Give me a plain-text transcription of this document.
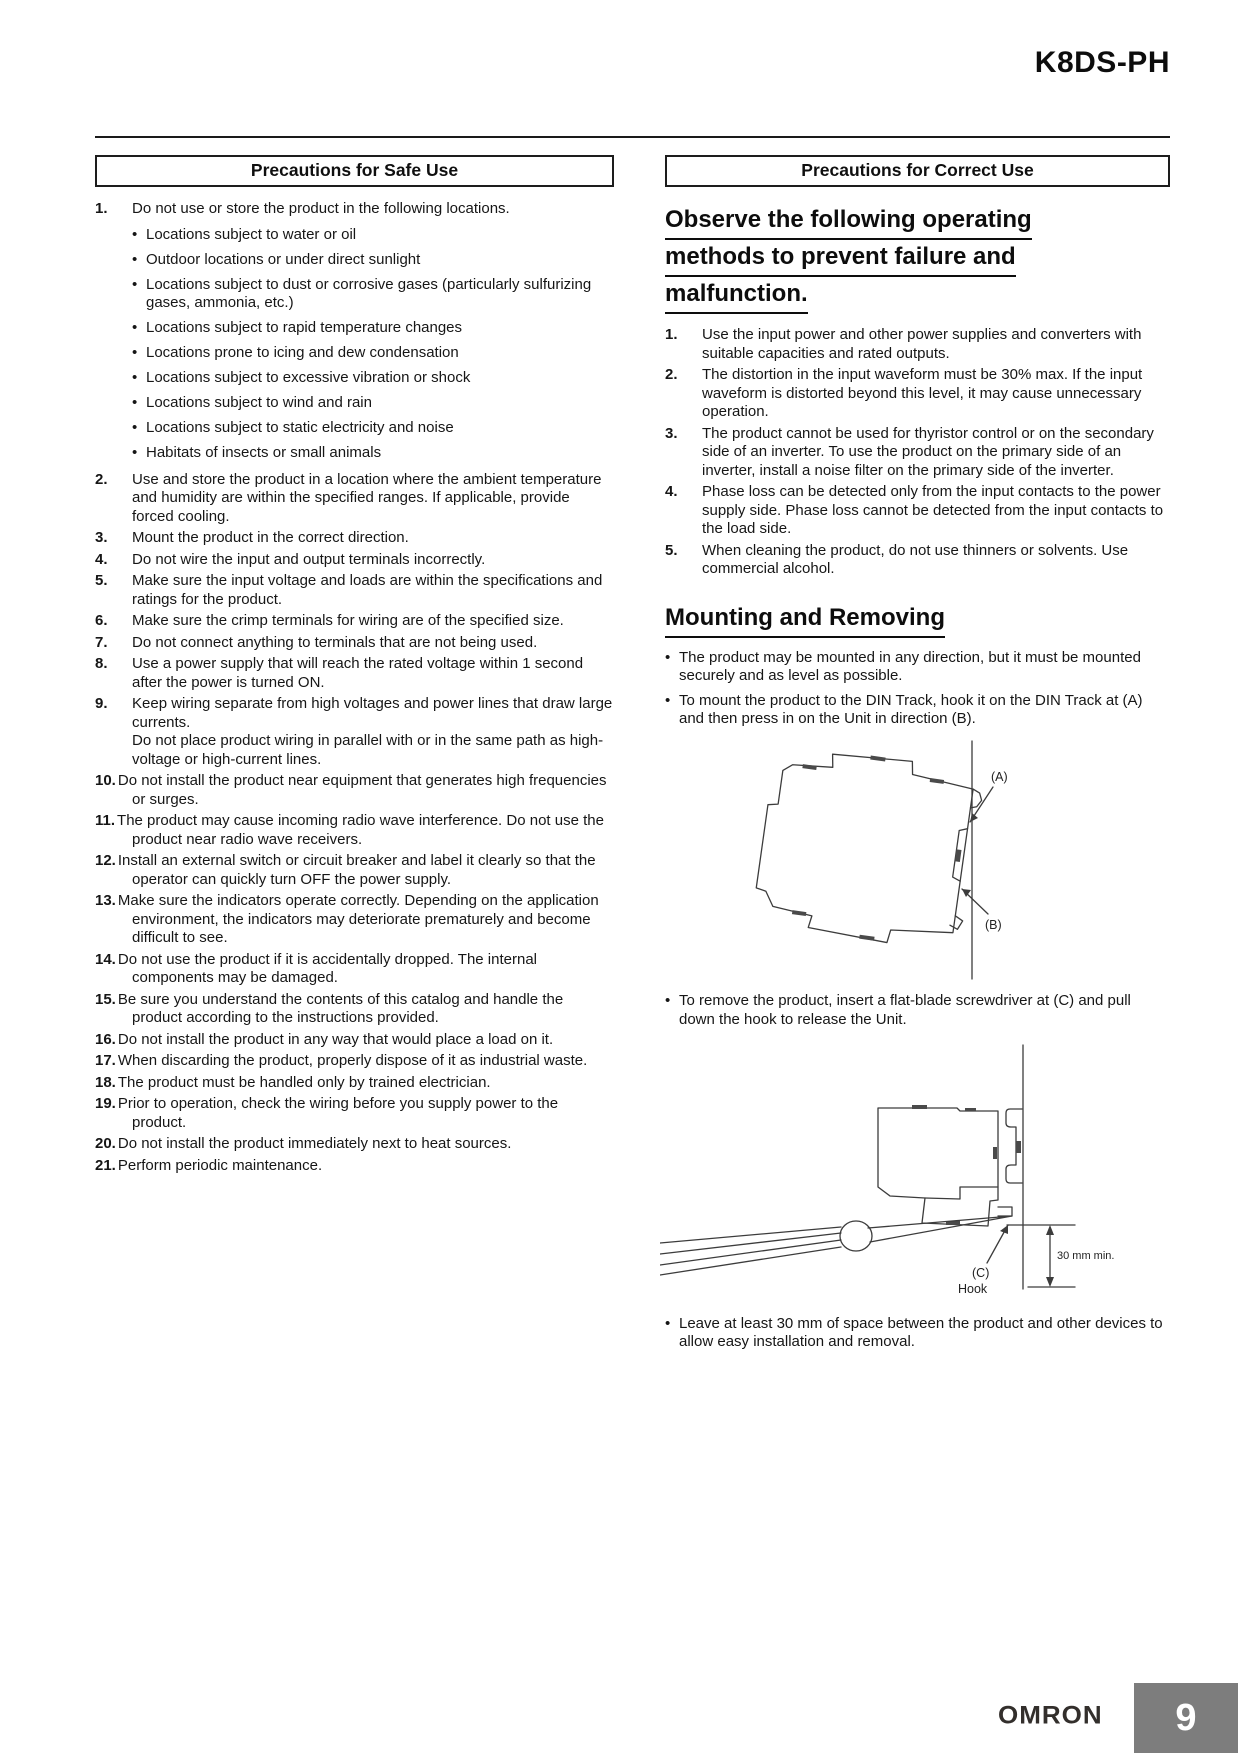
K8DS-PH
Precautions for Safe Use
1. Do not use or store the product in the following locations.
• Locations subject to water or oil
• Outdoor locations or under direct sunlight
• Locations subject to dust or corrosive gases (particularly sulfurizing gases, ammonia, etc.)
• Locations subject to rapid temperature changes
• Locations prone to icing and dew condensation
• Locations subject to excessive vibration or shock
• Locations subject to wind and rain
• Locations subject to static electricity and noise
• Habitats of insects or small animals
2. Use and store the product in a location where the ambient temperature and humidity are within the specified ranges. If applicable, provide forced cooling.
3. Mount the product in the correct direction.
4. Do not wire the input and output terminals incorrectly.
5. Make sure the input voltage and loads are within the specifications and ratings for the product.
6. Make sure the crimp terminals for wiring are of the specified size.
7. Do not connect anything to terminals that are not being used.
8. Use a power supply that will reach the rated voltage within 1 second after the power is turned ON.
9. Keep wiring separate from high voltages and power lines that draw large currents.
Do not place product wiring in parallel with or in the same path as high-voltage or high-current lines.
10. Do not install the product near equipment that generates high frequencies or surges.
11. The product may cause incoming radio wave interference. Do not use the product near radio wave receivers.
12. Install an external switch or circuit breaker and label it clearly so that the operator can quickly turn OFF the power supply.
13. Make sure the indicators operate correctly. Depending on the application environment, the indicators may deteriorate prematurely and become difficult to see.
14. Do not use the product if it is accidentally dropped. The internal components may be damaged.
15. Be sure you understand the contents of this catalog and handle the product according to the instructions provided.
16. Do not install the product in any way that would place a load on it.
17. When discarding the product, properly dispose of it as industrial waste.
18. The product must be handled only by trained electrician.
19. Prior to operation, check the wiring before you supply power to the product.
20. Do not install the product immediately next to heat sources.
21. Perform periodic maintenance.
Precautions for Correct Use
Observe the following operating
methods to prevent failure and
malfunction.
1. Use the input power and other power supplies and converters with suitable capacities and rated outputs.
2. The distortion in the input waveform must be 30% max. If the input waveform is distorted beyond this level, it may cause unnecessary operation.
3. The product cannot be used for thyristor control or on the secondary side of an inverter. To use the product on the primary side of an inverter, install a noise filter on the primary side of the inverter.
4. Phase loss can be detected only from the input contacts to the power supply side. Phase loss cannot be detected from the input contacts to the load side.
5. When cleaning the product, do not use thinners or solvents. Use commercial alcohol.
Mounting and Removing
• The product may be mounted in any direction, but it must be mounted securely and as level as possible.
• To mount the product to the DIN Track, hook it on the DIN Track at (A) and then press in on the Unit in direction (B).
(A)
(B)
• To remove the product, insert a flat-blade screwdriver at (C) and pull down the hook to release the Unit.
(C)
Hook
30 mm min.
• Leave at least 30 mm of space between the product and other devices to allow easy installation and removal.
OMRON 9
